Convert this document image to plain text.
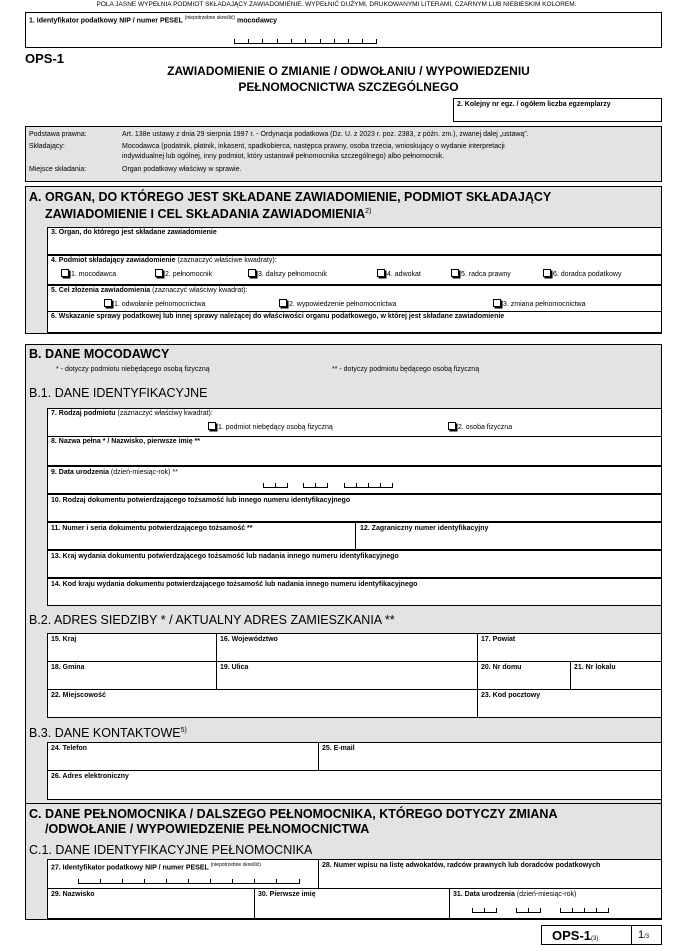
POLA JASNE WYPEŁNIA PODMIOT SKŁADAJĄCY ZAWIADOMIENIE. WYPEŁNIĆ DUŻYMI, DRUKOWANYMI LITERAMI, CZARNYM LUB NIEBIESKIM KOLOREM.
1. Identyfikator podatkowy NIP / numer PESEL $^{(niepotrzebne skreślić)}$ mocodawcy
OPS-1
ZAWIADOMIENIE O ZMIANIE / ODWOŁANIU / WYPOWIEDZENIU
PEŁNOMOCNICTWA SZCZEGÓLNEGO
2. Kolejny nr egz. / ogółem liczba egzemplarzy
Podstawa prawna:	Art. 138e ustawy z dnia 29 sierpnia 1997 r. - Ordynacja podatkowa (Dz. U. z 2023 r. poz. 2383, z późn. zm.), zwanej dalej „ustawą”.
Składający:	Mocodawca (podatnik, płatnik, inkasent, spadkobierca, następca prawny, osoba trzecia, wnioskujący o wydanie interpretacji
indywidualnej lub ogólnej, inny podmiot, który ustanowił pełnomocnika szczególnego) albo pełnomocnik.
Miejsce składania:	Organ podatkowy właściwy w sprawie.
A. ORGAN, DO KTÓREGO JEST SKŁADANE ZAWIADOMIENIE, PODMIOT SKŁADAJĄCY
ZAWIADOMIENIE I CEL SKŁADANIA ZAWIADOMIENIA$^{2)}$
3. Organ, do którego jest składane zawiadomienie
4. Podmiot składający zawiadomienie (zaznaczyć właściwe kwadraty):
1. mocodawca	2. pełnomocnik	3. dalszy pełnomocnik	4. adwokat	5. radca prawny	6. doradca podatkowy
5. Cel złożenia zawiadomienia (zaznaczyć właściwy kwadrat):
1. odwołanie pełnomocnictwa	2. wypowiedzenie pełnomocnictwa	3. zmiana pełnomocnictwa
6. Wskazanie sprawy podatkowej lub innej sprawy należącej do właściwości organu podatkowego, w której jest składane zawiadomienie
B. DANE MOCODAWCY
* - dotyczy podmiotu niebędącego osobą fizyczną	** - dotyczy podmiotu będącego osobą fizyczną
B.1. DANE IDENTYFIKACYJNE
7. Rodzaj podmiotu (zaznaczyć właściwy kwadrat):
1. podmiot niebędący osobą fizyczną	2. osoba fizyczna
8. Nazwa pełna * / Nazwisko, pierwsze imię **
9. Data urodzenia (dzień-miesiąc-rok) **
10. Rodzaj dokumentu potwierdzającego tożsamość lub innego numeru identyfikacyjnego
11. Numer i seria dokumentu potwierdzającego tożsamość **	12. Zagraniczny numer identyfikacyjny
13. Kraj wydania dokumentu potwierdzającego tożsamość lub nadania innego numeru identyfikacyjnego
14. Kod kraju wydania dokumentu potwierdzającego tożsamość lub nadania innego numeru identyfikacyjnego
B.2. ADRES SIEDZIBY * / AKTUALNY ADRES ZAMIESZKANIA **
15. Kraj	16. Województwo	17. Powiat
18. Gmina	19. Ulica	20. Nr domu	21. Nr lokalu
22. Miejscowość	23. Kod pocztowy
B.3. DANE KONTAKTOWE$^{5)}$
24. Telefon	25. E-mail
26. Adres elektroniczny
C. DANE PEŁNOMOCNIKA / DALSZEGO PEŁNOMOCNIKA, KTÓREGO DOTYCZY ZMIANA
/ODWOŁANIE / WYPOWIEDZENIE PEŁNOMOCNICTWA
C.1. DANE IDENTYFIKACYJNE PEŁNOMOCNIKA
27. Identyfikator podatkowy NIP / numer PESEL $^{(niepotrzebne skreślić)}$	28. Numer wpisu na listę adwokatów, radców prawnych lub doradców podatkowych
29. Nazwisko	30. Pierwsze imię	31. Data urodzenia (dzień-miesiąc-rok)
OPS-1(3)	1/3
